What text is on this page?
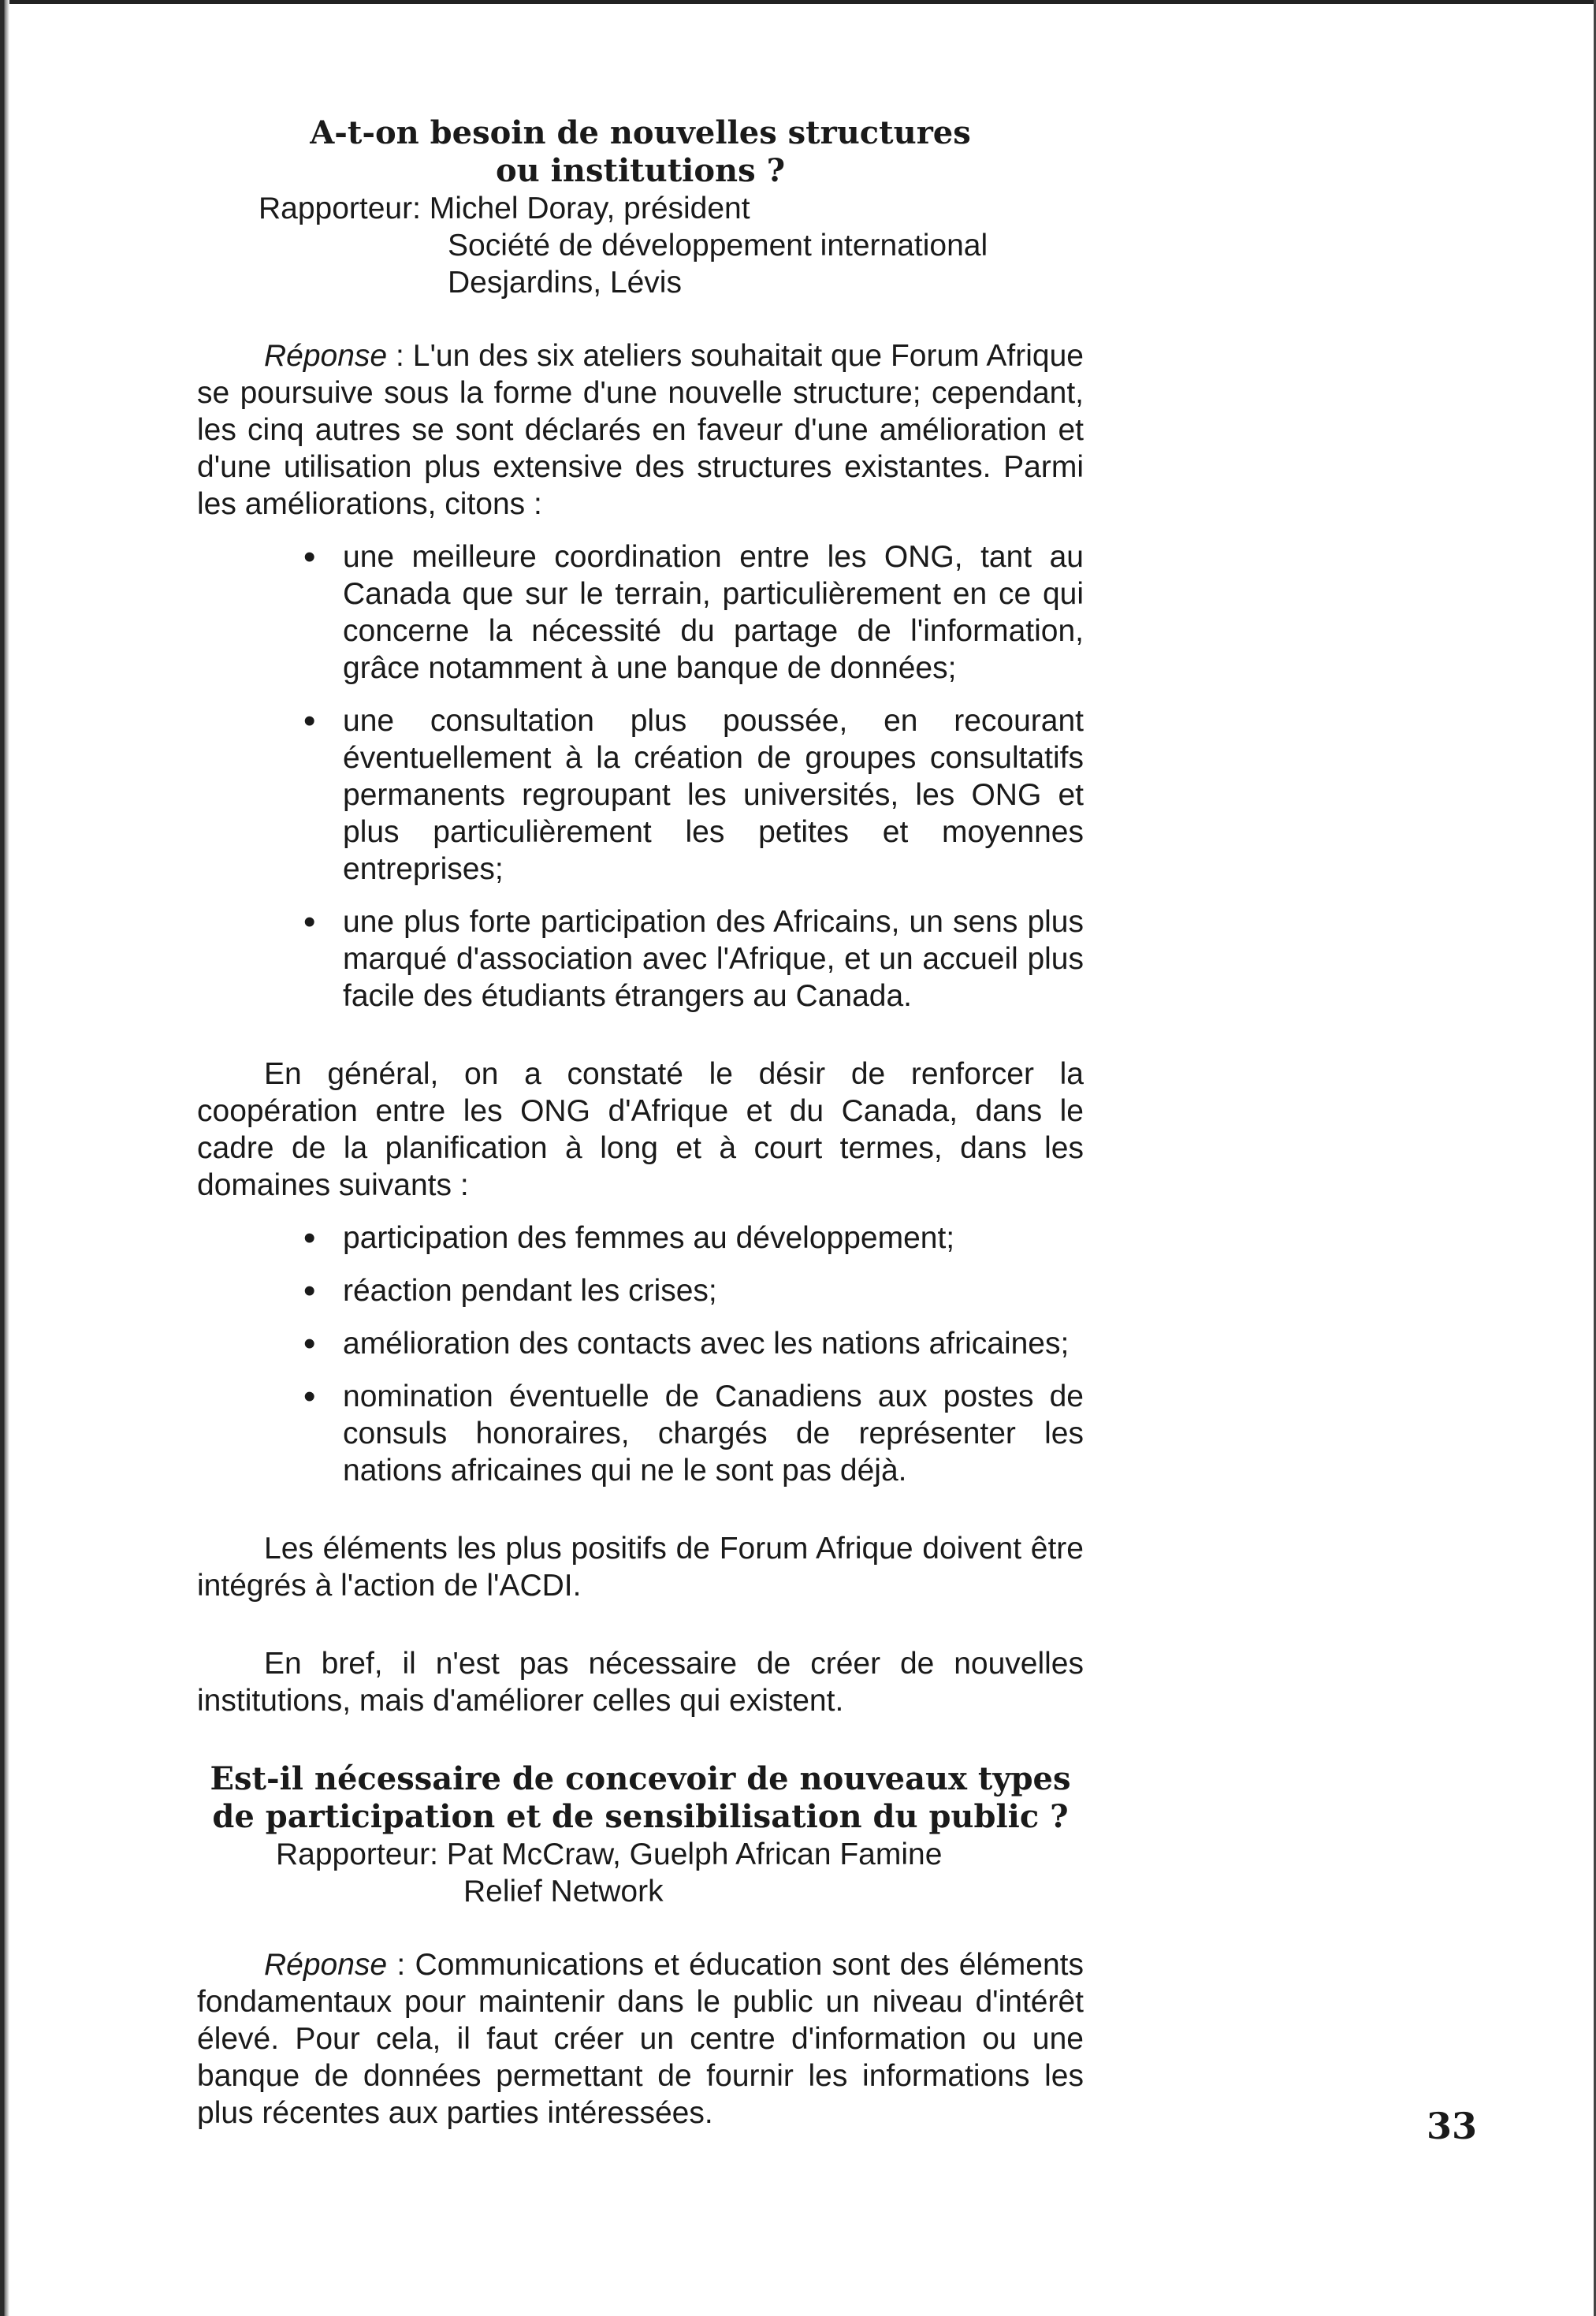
A-t-on besoin de nouvelles structures
ou institutions ?
Rapporteur: Michel Doray, président
Société de développement international
Desjardins, Lévis

Réponse : L'un des six ateliers souhaitait que Forum Afrique se poursuive sous la forme d'une nouvelle structure; cependant, les cinq autres se sont déclarés en faveur d'une amélioration et d'une utilisation plus extensive des structures existantes. Parmi les améliorations, citons :

• une meilleure coordination entre les ONG, tant au Canada que sur le terrain, particulièrement en ce qui concerne la nécessité du partage de l'information, grâce notamment à une banque de données;
• une consultation plus poussée, en recourant éventuellement à la création de groupes consultatifs permanents regroupant les universités, les ONG et plus particulièrement les petites et moyennes entreprises;
• une plus forte participation des Africains, un sens plus marqué d'association avec l'Afrique, et un accueil plus facile des étudiants étrangers au Canada.

En général, on a constaté le désir de renforcer la coopération entre les ONG d'Afrique et du Canada, dans le cadre de la planification à long et à court termes, dans les domaines suivants :

• participation des femmes au développement;
• réaction pendant les crises;
• amélioration des contacts avec les nations africaines;
• nomination éventuelle de Canadiens aux postes de consuls honoraires, chargés de représenter les nations africaines qui ne le sont pas déjà.

Les éléments les plus positifs de Forum Afrique doivent être intégrés à l'action de l'ACDI.

En bref, il n'est pas nécessaire de créer de nouvelles institutions, mais d'améliorer celles qui existent.

Est-il nécessaire de concevoir de nouveaux types
de participation et de sensibilisation du public ?
Rapporteur: Pat McCraw, Guelph African Famine
Relief Network

Réponse : Communications et éducation sont des éléments fondamentaux pour maintenir dans le public un niveau d'intérêt élevé. Pour cela, il faut créer un centre d'information ou une banque de données permettant de fournir les informations les plus récentes aux parties intéressées.	33
